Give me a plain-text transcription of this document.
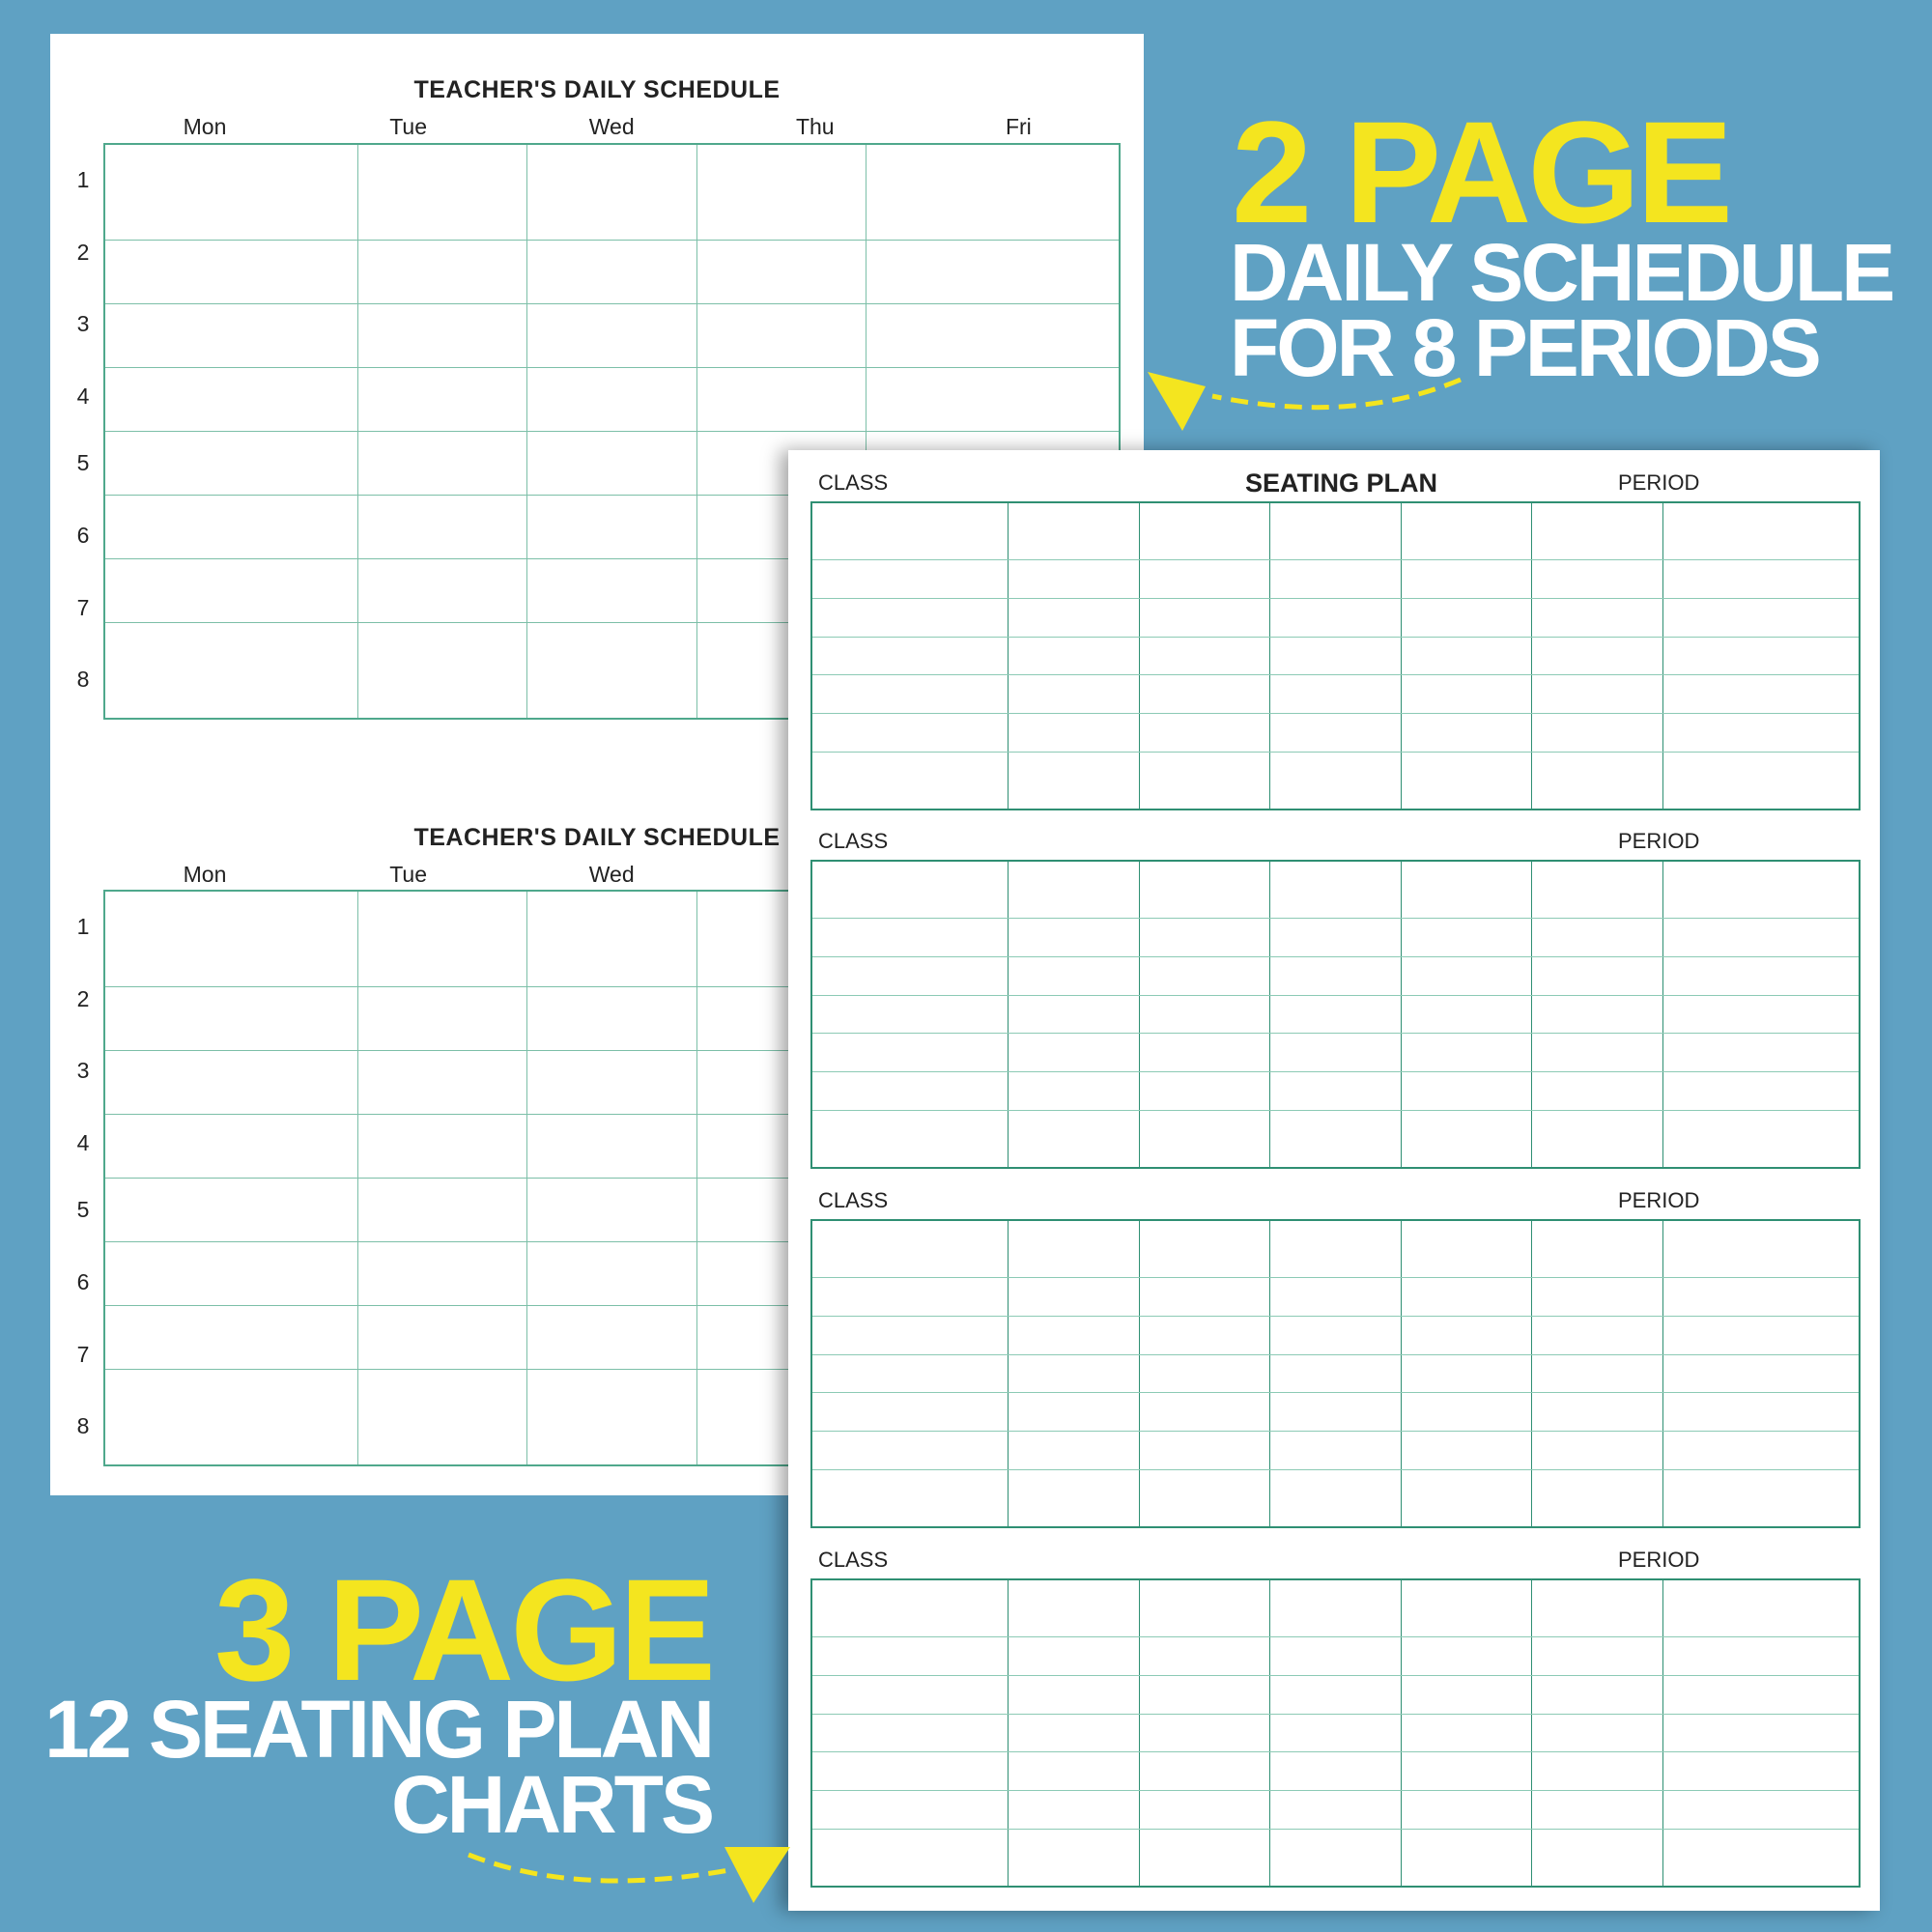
TEACHER'S DAILY SCHEDULE
Mon	Tue	Wed	Thu	Fri

1
2
3
4
5
6
7
8
TEACHER'S DAILY SCHEDULE
Mon	Tue	Wed

1
2
3
4
5
6
7
8
SEATING PLAN
CLASS	PERIOD

CLASS	PERIOD

CLASS	PERIOD

CLASS	PERIOD

2 PAGE
DAILY SCHEDULE
FOR 8 PERIODS
3 PAGE
12 SEATING PLAN
CHARTS
